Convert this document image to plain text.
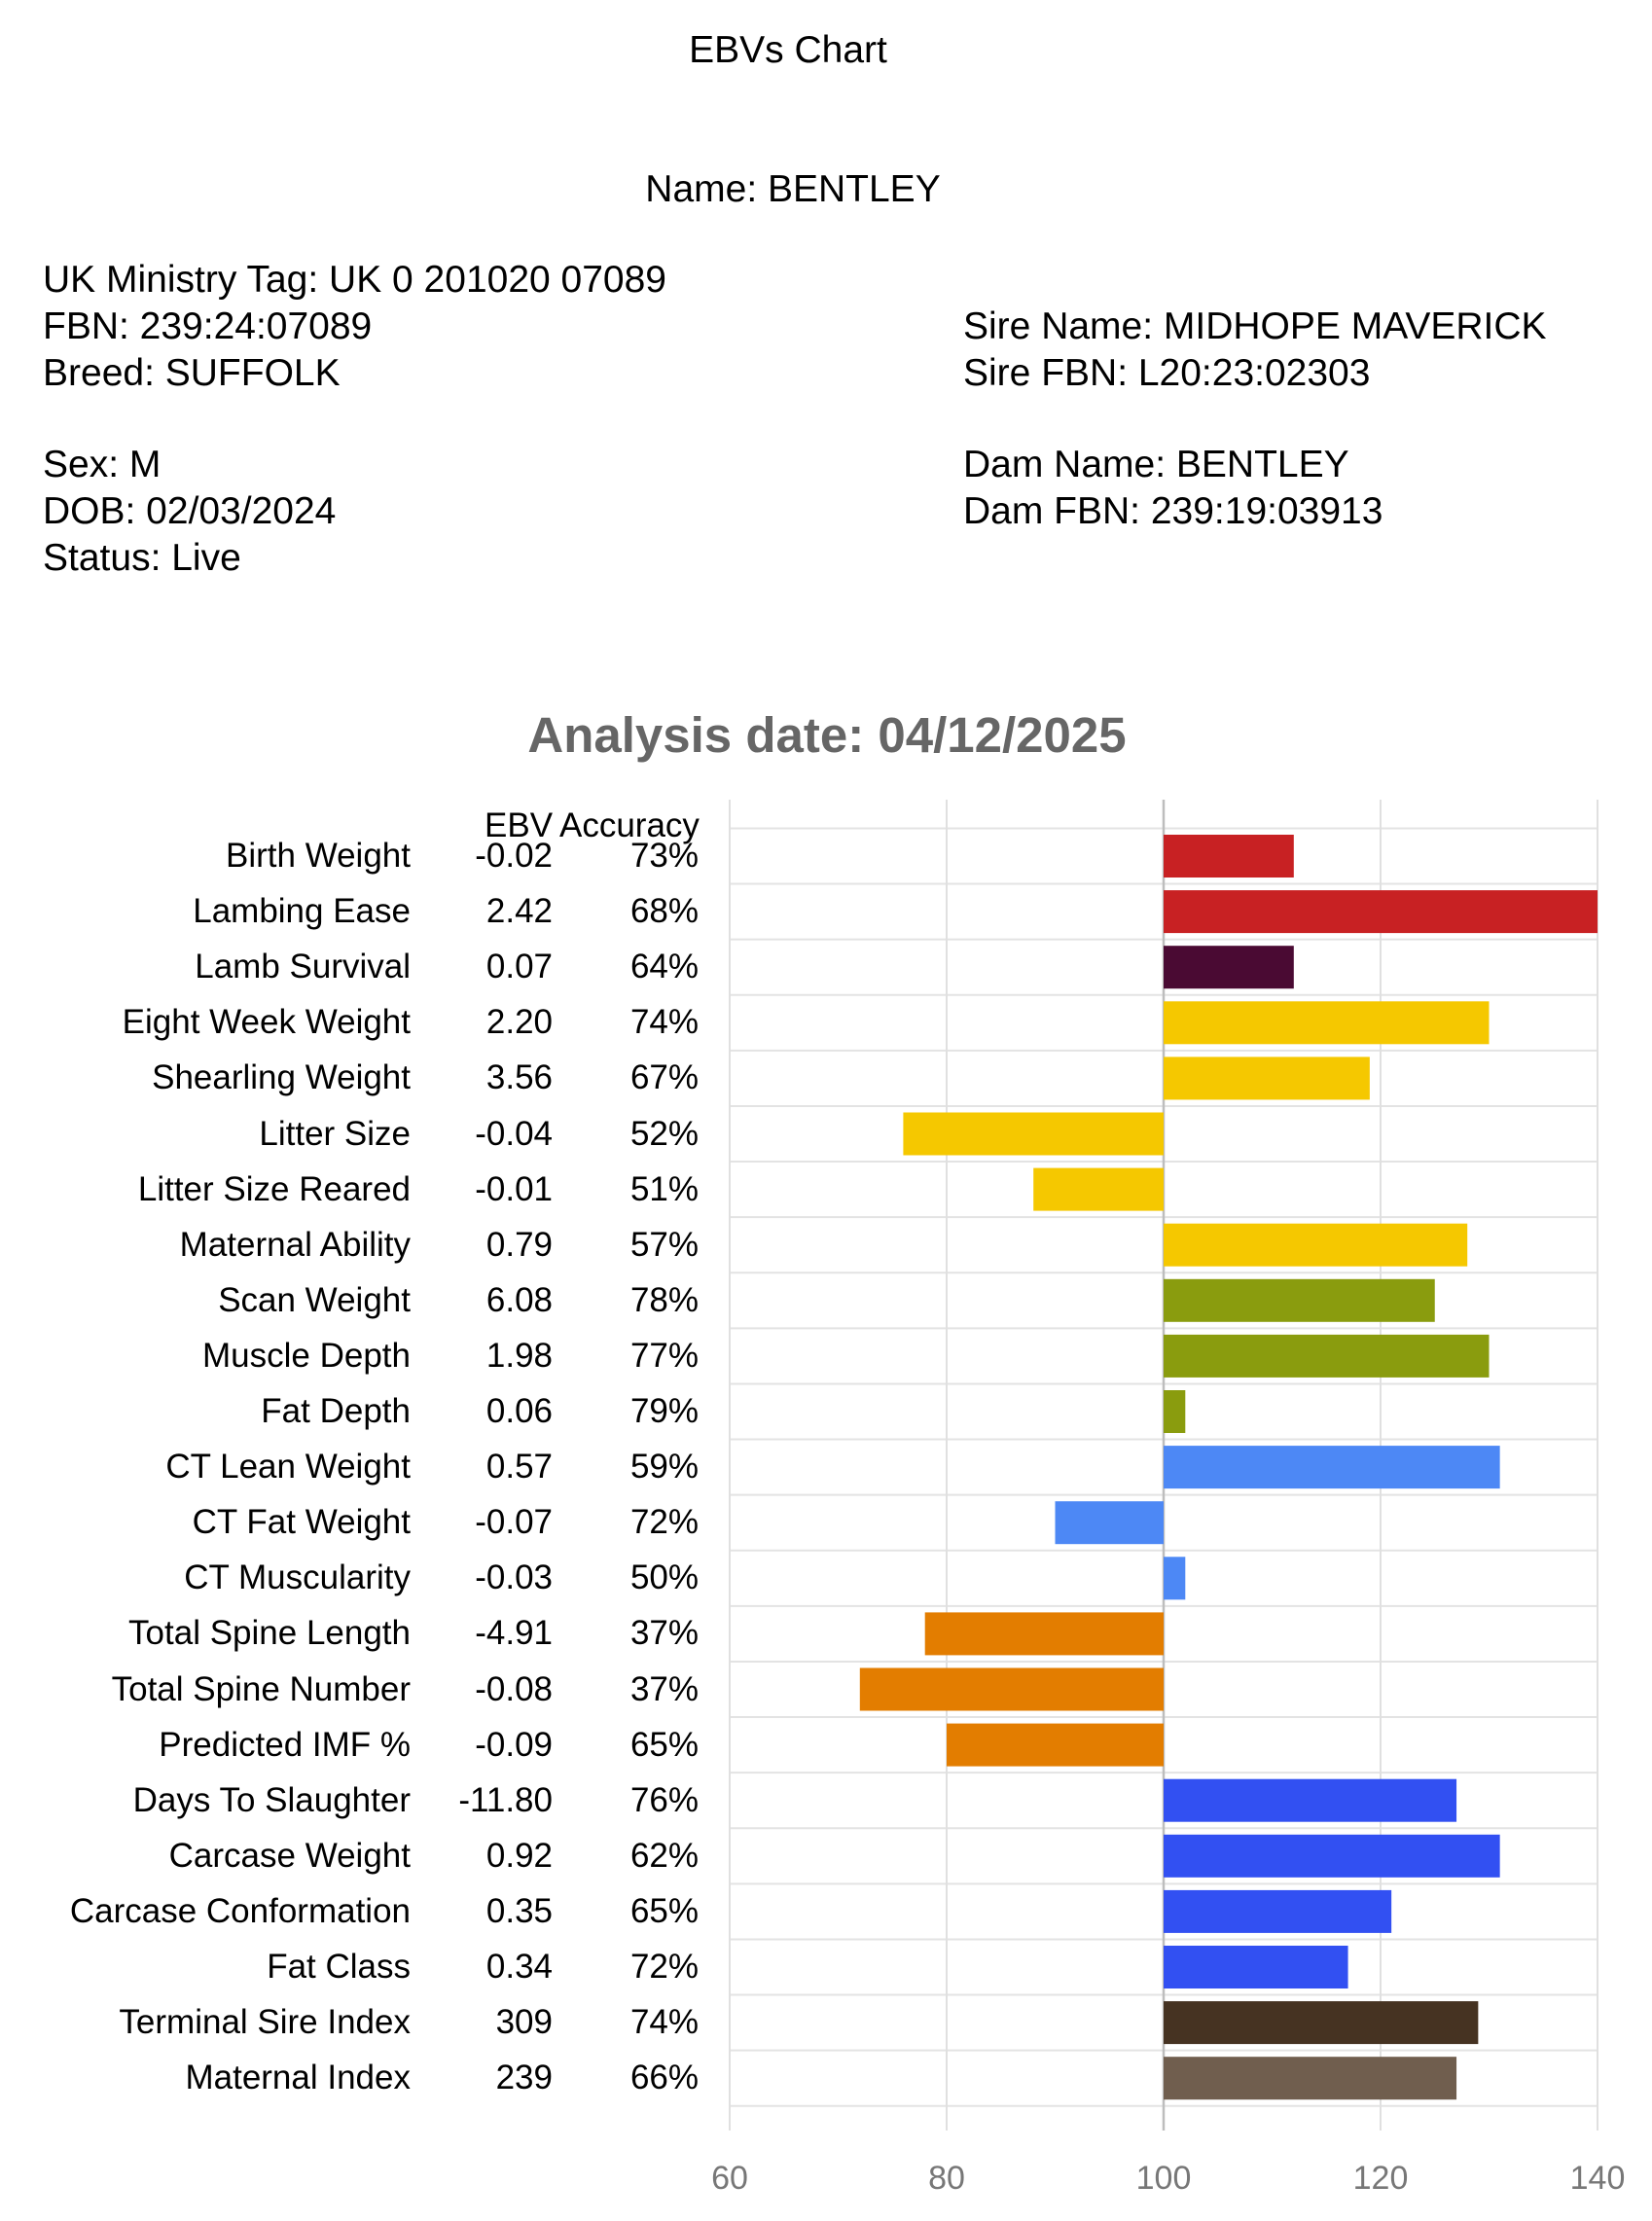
EBVs Chart
Name: BENTLEY
UK Ministry Tag: UK 0 201020 07089
FBN: 239:24:07089
Breed: SUFFOLK
Sex: M
DOB: 02/03/2024
Status: Live
Sire Name: MIDHOPE MAVERICK
Sire FBN: L20:23:02303
Dam Name: BENTLEY
Dam FBN: 239:19:03913
Analysis date: 04/12/2025
EBV Accuracy
Birth Weight -0.02 73%
Lambing Ease 2.42 68%
Lamb Survival 0.07 64%
Eight Week Weight 2.20 74%
Shearling Weight 3.56 67%
Litter Size -0.04 52%
Litter Size Reared -0.01 51%
Maternal Ability 0.79 57%
Scan Weight 6.08 78%
Muscle Depth 1.98 77%
Fat Depth 0.06 79%
CT Lean Weight 0.57 59%
CT Fat Weight -0.07 72%
CT Muscularity -0.03 50%
Total Spine Length -4.91 37%
Total Spine Number -0.08 37%
Predicted IMF % -0.09 65%
Days To Slaughter -11.80 76%
Carcase Weight 0.92 62%
Carcase Conformation 0.35 65%
Fat Class 0.34 72%
Terminal Sire Index	309 74%
Maternal Index	239 66%
60	80	100	120	140
